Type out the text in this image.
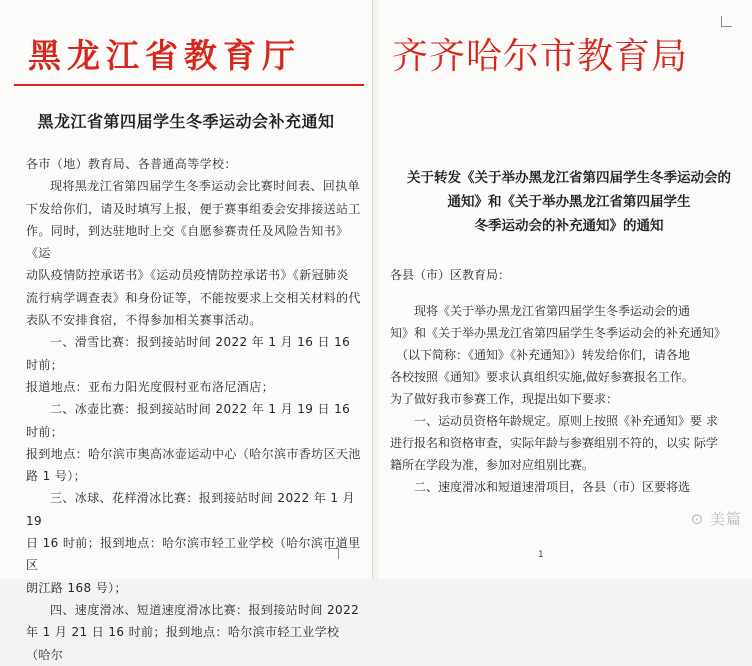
黑龙江省教育厅
黑龙江省第四届学生冬季运动会补充通知

各市（地）教育局、各普通高等学校：

现将黑龙江省第四届学生冬季运动会比赛时间表、回执单

下发给你们，请及时填写上报，便于赛事组委会安排接送站工

作。同时，到达驻地时上交《自愿参赛责任及风险告知书》《运

动队疫情防控承诺书》《运动员疫情防控承诺书》《新冠肺炎

流行病学调查表》和身份证等，不能按要求上交相关材料的代

表队不安排食宿，不得参加相关赛事活动。

一、滑雪比赛：报到接站时间 2022 年 1 月 16 日 16 时前；

报道地点：亚布力阳光度假村亚布洛尼酒店；

二、冰壶比赛：报到接站时间 2022 年 1 月 19 日 16 时前；

报到地点：哈尔滨市奥高冰壶运动中心（哈尔滨市香坊区天池

路 1 号）；

三、冰球、花样滑冰比赛：报到接站时间 2022 年 1 月 19

日 16 时前；报到地点：哈尔滨市轻工业学校（哈尔滨市道里区

朗江路 168 号）；

四、速度滑冰、短道速度滑冰比赛：报到接站时间 2022

年 1 月 21 日 16 时前；报到地点：哈尔滨市轻工业学校（哈尔

齐齐哈尔市教育局
关于转发《关于举办黑龙江省第四届学生冬季运动会的
通知》和《关于举办黑龙江省第四届学生
冬季运动会的补充通知》的通知

各县（市）区教育局：

现将《关于举办黑龙江省第四届学生冬季运动会的通

知》和《关于举办黑龙江省第四届学生冬季运动会的补充通知》

（以下简称：《通知》《补充通知》）转发给你们，请各地

各校按照《通知》要求认真组织实施,做好参赛报名工作。

为了做好我市参赛工作，现提出如下要求：

一、运动员资格年龄规定。原则上按照《补充通知》要 求

进行报名和资格审查，实际年龄与参赛组别不符的，以实 际学

籍所在学段为准，参加对应组别比赛。

二、速度滑冰和短道速滑项目，各县（市）区要将选

⊙ 美篇
1
